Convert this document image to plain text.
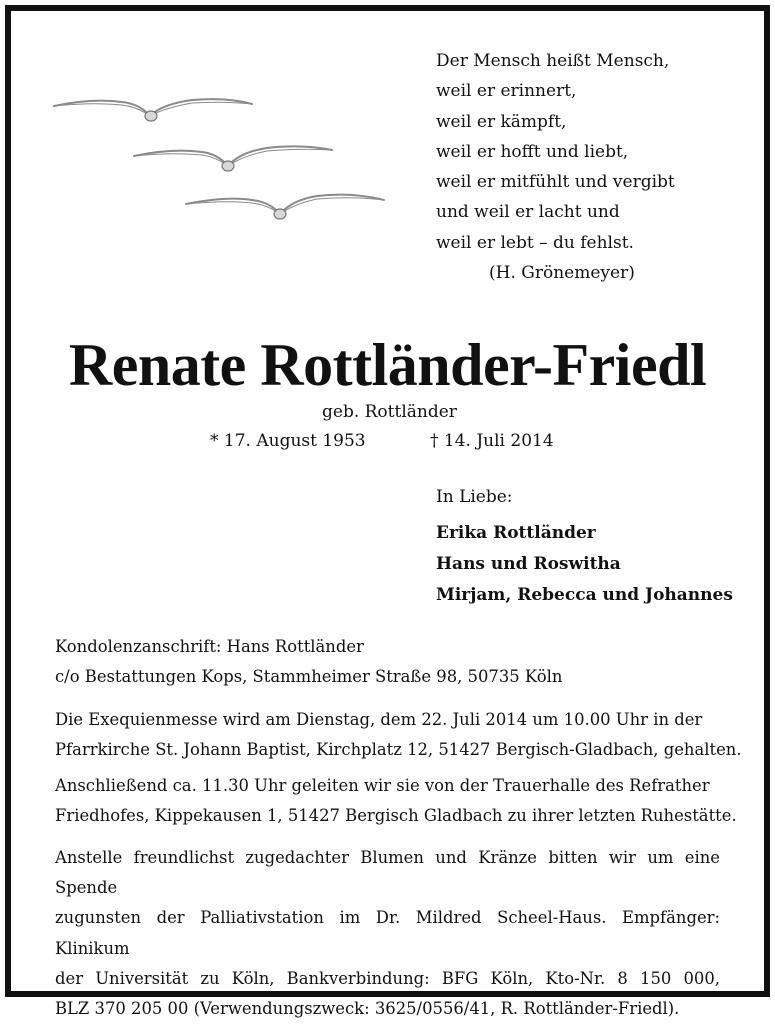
Der Mensch heißt Mensch,
weil er erinnert,
weil er kämpft,
weil er hofft und liebt,
weil er mitfühlt und vergibt
und weil er lacht und
weil er lebt – du fehlst.
(H. Grönemeyer)
Renate Rottländer-Friedl
geb. Rottländer
* 17. August 1953	† 14. Juli 2014
In Liebe:
Erika Rottländer
Hans und Roswitha
Mirjam, Rebecca und Johannes
Kondolenzanschrift: Hans Rottländer
c/o Bestattungen Kops, Stammheimer Straße 98, 50735 Köln
Die Exequienmesse wird am Dienstag, dem 22. Juli 2014 um 10.00 Uhr in der
Pfarrkirche St. Johann Baptist, Kirchplatz 12, 51427 Bergisch-Gladbach, gehalten.
Anschließend ca. 11.30 Uhr geleiten wir sie von der Trauerhalle des Refrather
Friedhofes, Kippekausen 1, 51427 Bergisch Gladbach zu ihrer letzten Ruhestätte.
Anstelle freundlichst zugedachter Blumen und Kränze bitten wir um eine Spende
zugunsten der Palliativstation im Dr. Mildred Scheel-Haus. Empfänger: Klinikum
der Universität zu Köln, Bankverbindung: BFG Köln, Kto-Nr. 8 150 000,
BLZ 370 205 00 (Verwendungszweck: 3625/0556/41, R. Rottländer-Friedl).
